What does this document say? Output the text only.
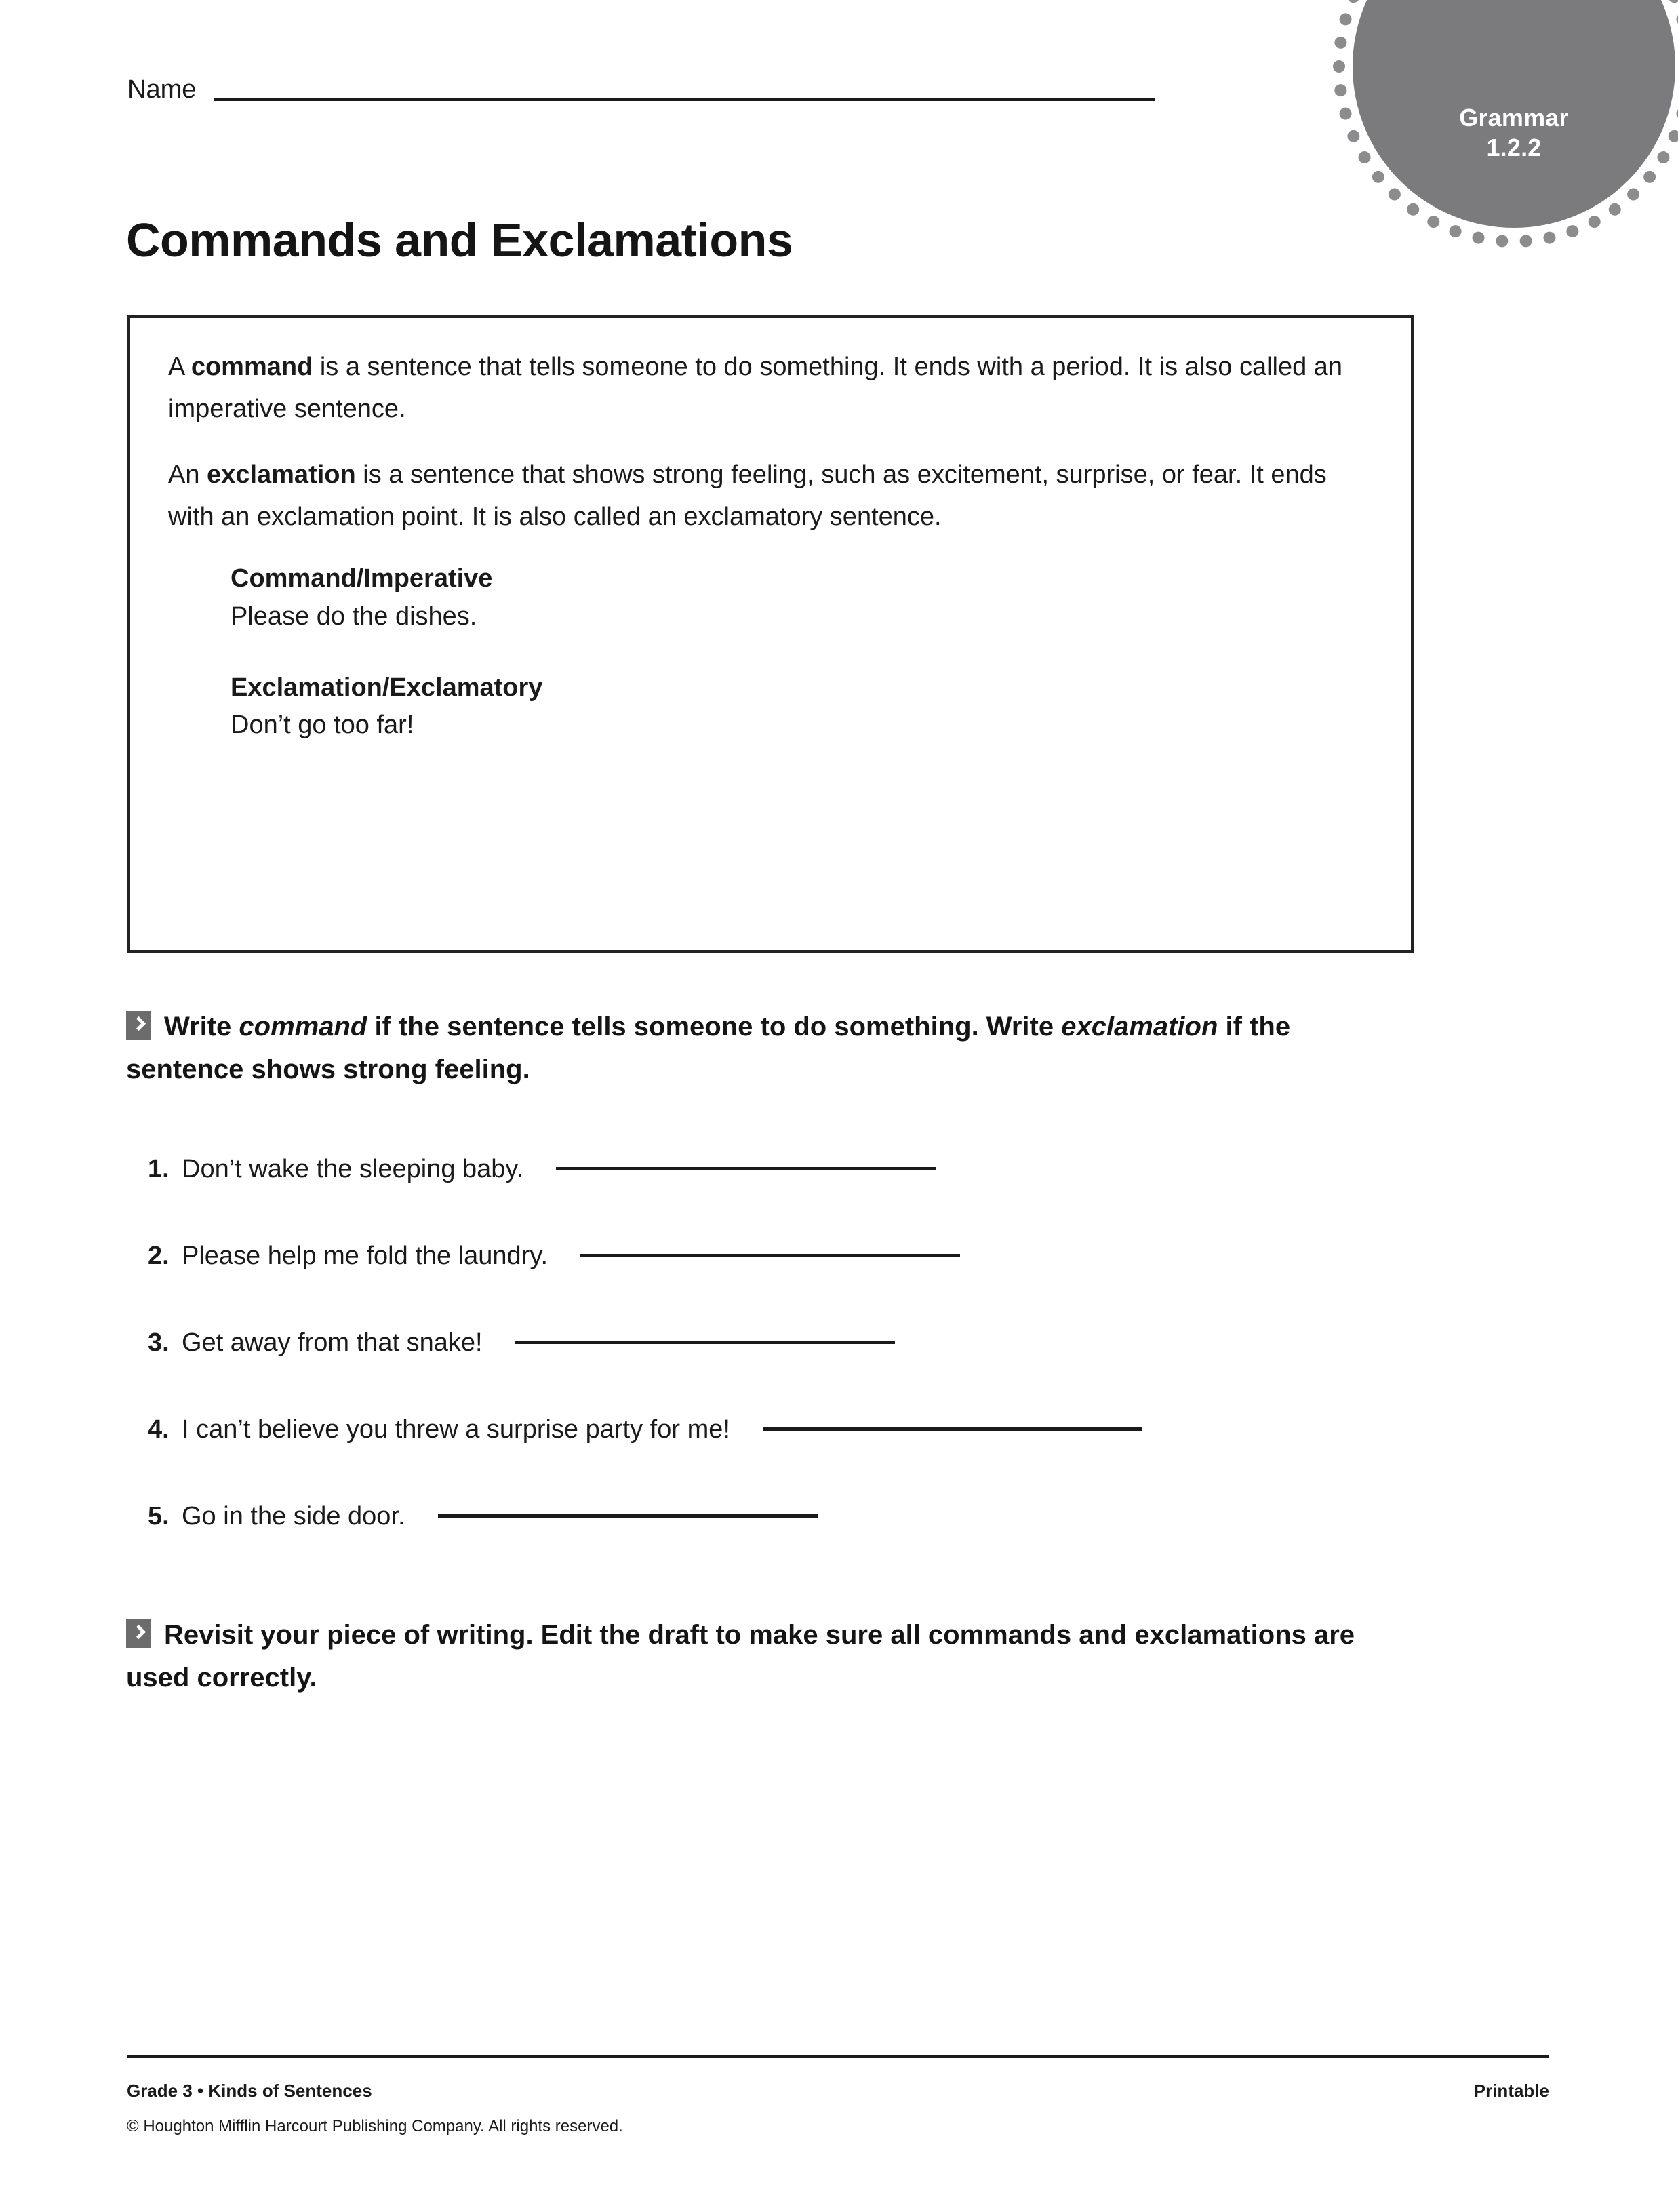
Grammar
1.2.2
Name
Commands and Exclamations

A command is a sentence that tells someone to do something. It ends with a period. It is also called an imperative sentence.

An exclamation is a sentence that shows strong feeling, such as excitement, surprise, or fear. It ends with an exclamation point. It is also called an exclamatory sentence.

Command/Imperative

Please do the dishes.

Exclamation/Exclamatory

Don’t go too far!

Write command if the sentence tells someone to do something. Write exclamation if the sentence shows strong feeling.
1. Don’t wake the sleeping baby.
2. Please help me fold the laundry.
3. Get away from that snake!
4. I can’t believe you threw a surprise party for me!
5. Go in the side door.
Revisit your piece of writing. Edit the draft to make sure all commands and exclamations are used correctly.
Grade 3 • Kinds of Sentences	Printable
© Houghton Mifflin Harcourt Publishing Company. All rights reserved.
